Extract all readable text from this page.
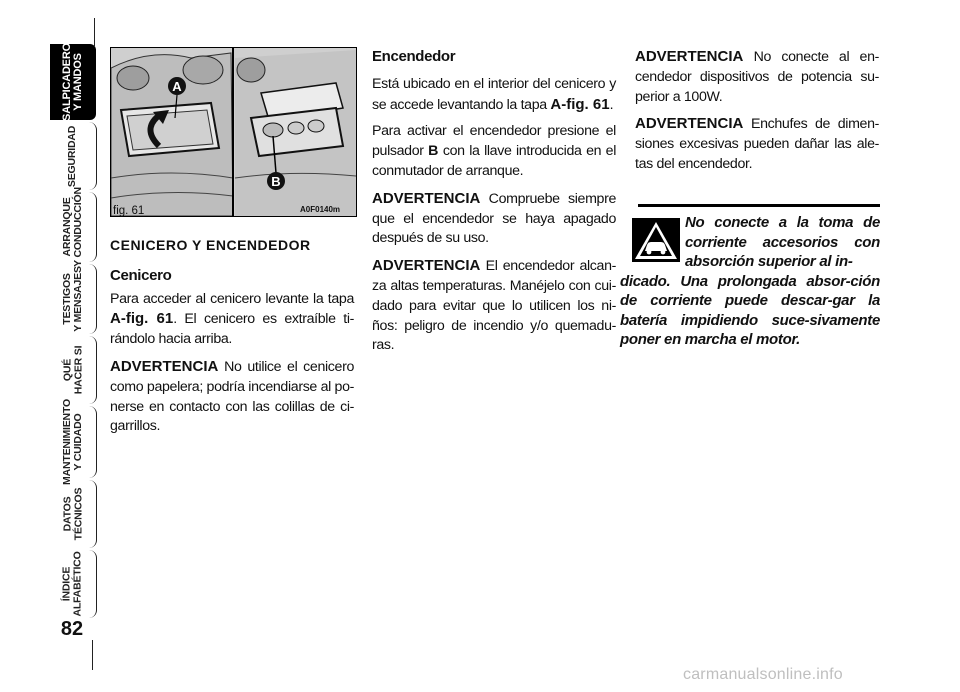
SALPICADERO
Y MANDOS
SEGURIDAD
ARRANQUE
Y CONDUCCIÓN
TESTIGOS
Y MENSAJES
QUÉ
HACER SI
MANTENIMIENTO
Y CUIDADO
DATOS
TÉCNICOS
ÍNDICE
ALFABÉTICO
82
A
B
fig. 61	A0F0140m
CENICERO Y ENCENDEDOR
Cenicero

Para acceder al cenicero levante la tapa A-fig. 61. El cenicero es extraíble ti-rándolo hacia arriba.

ADVERTENCIA No utilice el cenicero como papelera; podría incendiarse al po-nerse en contacto con las colillas de ci-garrillos.

Encendedor

Está ubicado en el interior del cenicero y se accede levantando la tapa A-fig. 61.

Para activar el encendedor presione el pulsador B con la llave introducida en el conmutador de arranque.

ADVERTENCIA Compruebe siempre que el encendedor se haya apagado después de su uso.

ADVERTENCIA El encendedor alcan-za altas temperaturas. Manéjelo con cui-dado para evitar que lo utilicen los ni-ños: peligro de incendio y/o quemadu-ras.

ADVERTENCIA No conecte al en-cendedor dispositivos de potencia su-perior a 100W.

ADVERTENCIA Enchufes de dimen-siones excesivas pueden dañar las ale-tas del encendedor.

No conecte a la toma de corriente accesorios con absorción superior al in-
dicado. Una prolongada absor-ción de corriente puede descar-gar la batería impidiendo suce-sivamente poner en marcha el motor.
carmanualsonline.info
